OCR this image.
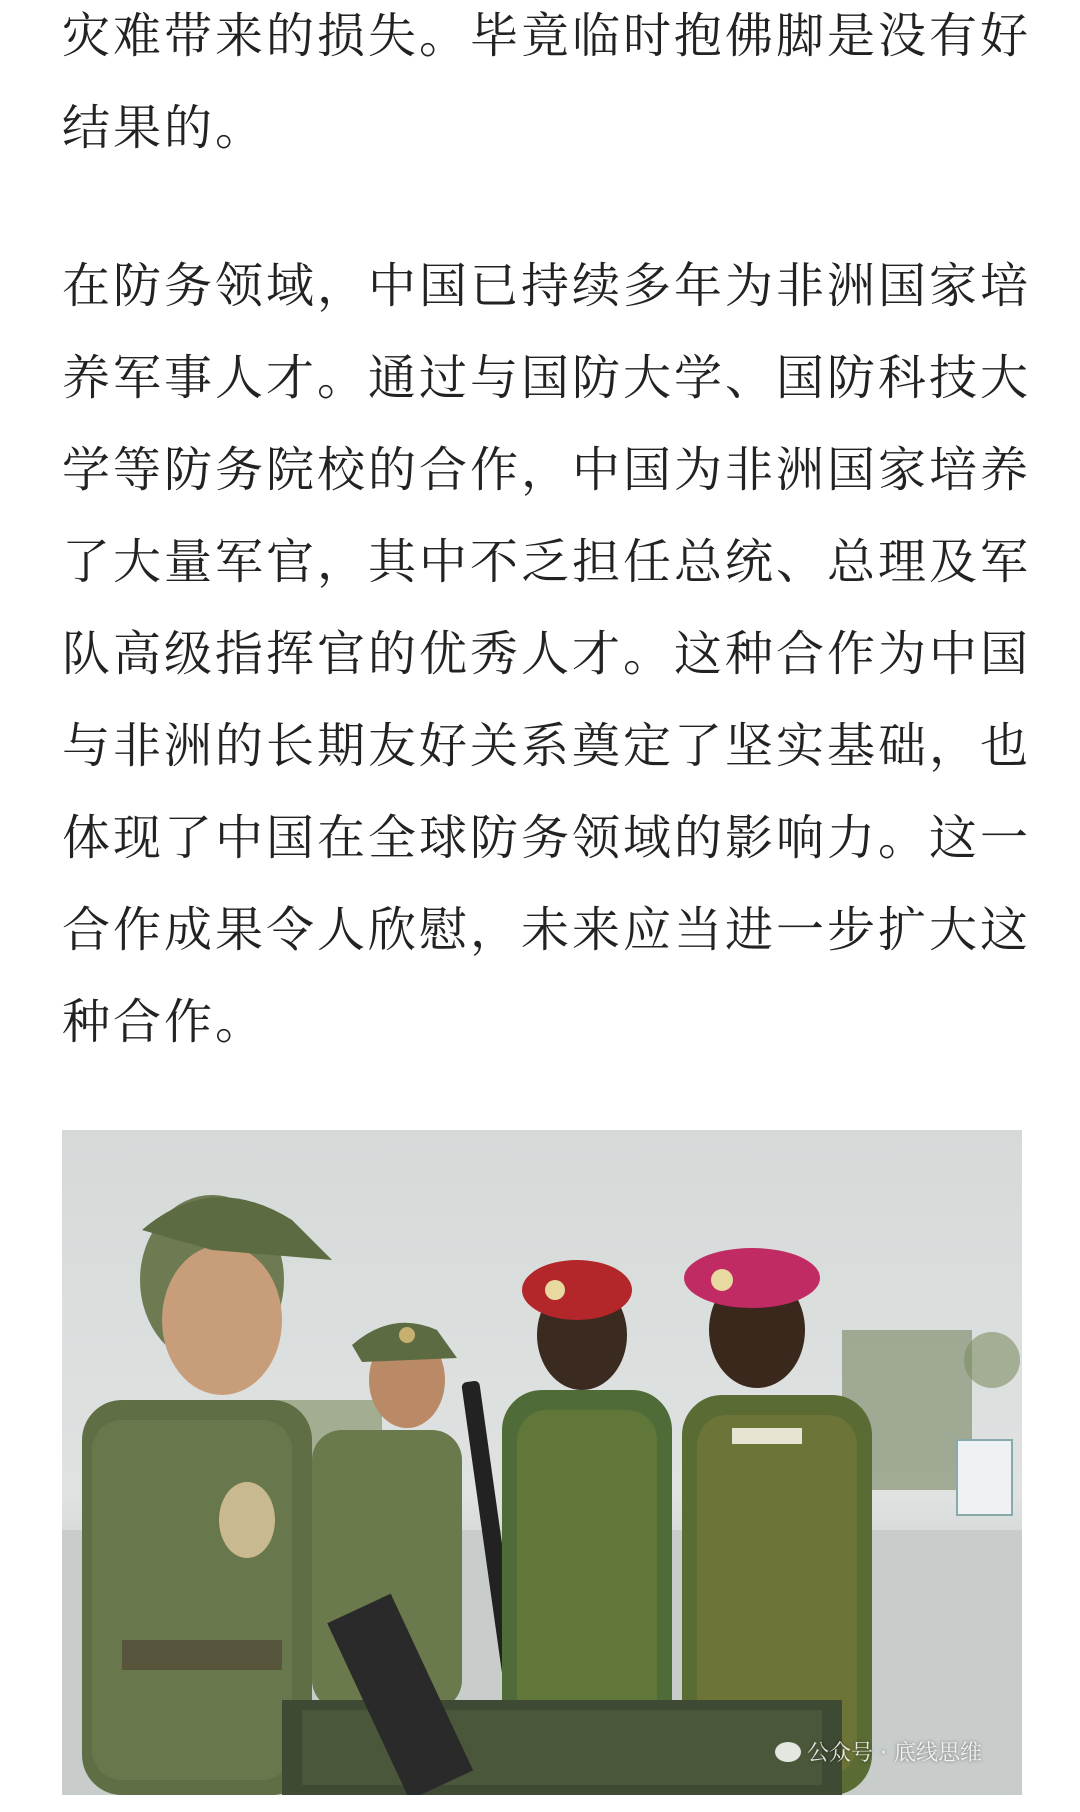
灾难带来的损失。毕竟临时抱佛脚是没有好
结果的。
在防务领域，中国已持续多年为非洲国家培
养军事人才。通过与国防大学、国防科技大
学等防务院校的合作，中国为非洲国家培养
了大量军官，其中不乏担任总统、总理及军
队高级指挥官的优秀人才。这种合作为中国
与非洲的长期友好关系奠定了坚实基础，也
体现了中国在全球防务领域的影响力。这一
合作成果令人欣慰，未来应当进一步扩大这
种合作。
公众号 · 底线思维
